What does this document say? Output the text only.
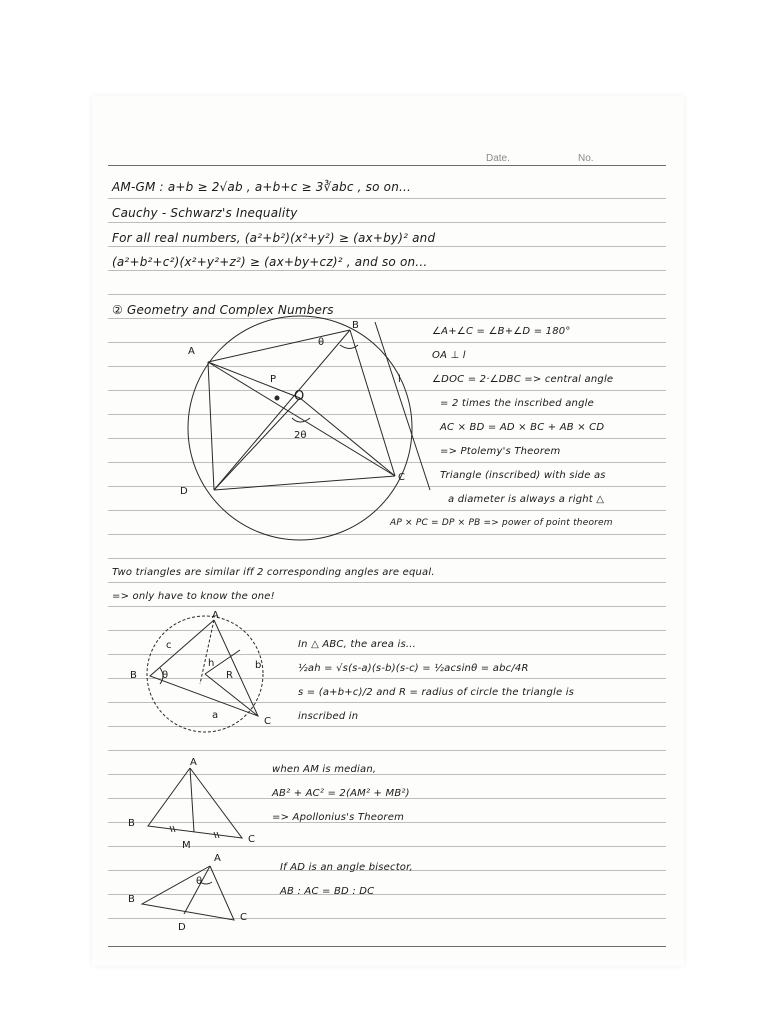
Date.	No.
AM-GM : a+b ≥ 2√ab , a+b+c ≥ 3∛abc , so on...
Cauchy - Schwarz's Inequality
For all real numbers, (a²+b²)(x²+y²) ≥ (ax+by)² and
(a²+b²+c²)(x²+y²+z²) ≥ (ax+by+cz)² , and so on...
② Geometry and Complex Numbers
A
B
C
D
P
O
θ
2θ
l
∠A+∠C = ∠B+∠D = 180°
OA ⊥ l
∠DOC = 2·∠DBC => central angle
= 2 times the inscribed angle
AC × BD = AD × BC + AB × CD
=> Ptolemy's Theorem
Triangle (inscribed) with side as
a diameter is always a right △
AP × PC = DP × PB => power of point theorem
Two triangles are similar iff 2 corresponding angles are equal.
=> only have to know the one!
A
B
C
R
a
b
c
h
θ
In △ ABC, the area is...
½ah = √s(s-a)(s-b)(s-c) = ½acsinθ = abc/4R
s = (a+b+c)/2 and R = radius of circle the triangle is
inscribed in
A
B
C
M
when AM is median,
AB² + AC² = 2(AM² + MB²)
=> Apollonius's Theorem
A
B
C
D
θ
If AD is an angle bisector,
AB : AC = BD : DC
